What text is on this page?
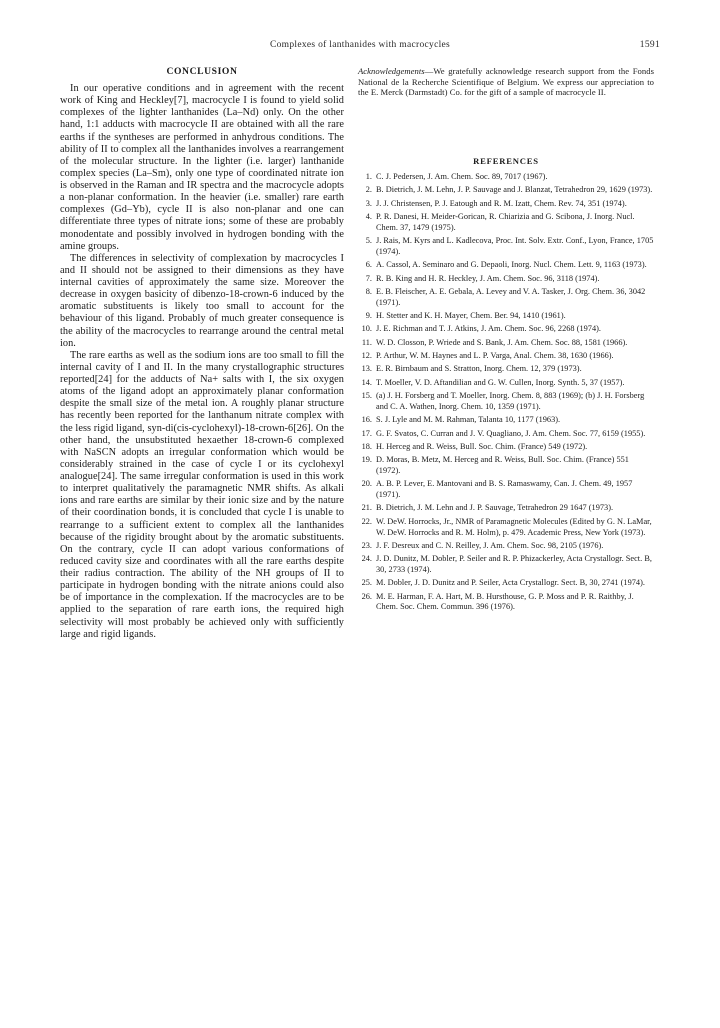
Complexes of lanthanides with macrocycles	1591
CONCLUSION

In our operative conditions and in agreement with the recent work of King and Heckley[7], macrocycle I is found to yield solid complexes of the lighter lanthanides (La–Nd) only. On the other hand, 1:1 adducts with macrocycle II are obtained with all the rare earths if the syntheses are performed in anhydrous conditions. The ability of II to complex all the lanthanides involves a rearrangement of the molecular structure. In the lighter (i.e. larger) lanthanide complex species (La–Sm), only one type of coordinated nitrate ion is observed in the Raman and IR spectra and the macrocycle adopts a non-planar conformation. In the heavier (i.e. smaller) rare earth complexes (Gd–Yb), cycle II is also non-planar and one can differentiate three types of nitrate ions; some of these are probably monodentate and possibly involved in hydrogen bonding with the amine groups.

The differences in selectivity of complexation by macrocycles I and II should not be assigned to their dimensions as they have internal cavities of approximately the same size. Moreover the decrease in oxygen basicity of dibenzo-18-crown-6 induced by the aromatic substituents is likely too small to account for the behaviour of this ligand. Probably of much greater consequence is the ability of the macrocycles to rearrange around the central metal ion.

The rare earths as well as the sodium ions are too small to fill the internal cavity of I and II. In the many crystallographic structures reported[24] for the adducts of Na+ salts with I, the six oxygen atoms of the ligand adopt an approximately planar conformation despite the small size of the metal ion. A roughly planar structure has recently been reported for the lanthanum nitrate complex with the less rigid ligand, syn-di(cis-cyclohexyl)-18-crown-6[26]. On the other hand, the unsubstituted hexaether 18-crown-6 complexed with NaSCN adopts an irregular conformation which would be considerably strained in the case of cycle I or its cyclohexyl analogue[24]. The same irregular conformation is used in this work to interpret qualitatively the paramagnetic NMR shifts. As alkali ions and rare earths are similar by their ionic size and by the nature of their coordination bonds, it is concluded that cycle I is unable to rearrange to a sufficient extent to complex all the lanthanides because of the rigidity brought about by the aromatic substituents. On the contrary, cycle II can adopt various conformations of reduced cavity size and coordinates with all the rare earths despite their radius contraction. The ability of the NH groups of II to participate in hydrogen bonding with the nitrate anions could also be of importance in the complexation. If the macrocycles are to be applied to the separation of rare earth ions, the required high selectivity will most probably be achieved only with sufficiently large and rigid ligands.

Acknowledgements—We gratefully acknowledge research support from the Fonds National de la Recherche Scientifique of Belgium. We express our appreciation to the E. Merck (Darmstadt) Co. for the gift of a sample of macrocycle II.

REFERENCES
1. C. J. Pedersen, J. Am. Chem. Soc. 89, 7017 (1967).
2. B. Dietrich, J. M. Lehn, J. P. Sauvage and J. Blanzat, Tetrahedron 29, 1629 (1973).
3. J. J. Christensen, P. J. Eatough and R. M. Izatt, Chem. Rev. 74, 351 (1974).
4. P. R. Danesi, H. Meider-Gorican, R. Chiarizia and G. Scibona, J. Inorg. Nucl. Chem. 37, 1479 (1975).
5. J. Rais, M. Kyrs and L. Kadlecova, Proc. Int. Solv. Extr. Conf., Lyon, France, 1705 (1974).
6. A. Cassol, A. Seminaro and G. Depaoli, Inorg. Nucl. Chem. Lett. 9, 1163 (1973).
7. R. B. King and H. R. Heckley, J. Am. Chem. Soc. 96, 3118 (1974).
8. E. B. Fleischer, A. E. Gebala, A. Levey and V. A. Tasker, J. Org. Chem. 36, 3042 (1971).
9. H. Stetter and K. H. Mayer, Chem. Ber. 94, 1410 (1961).
10. J. E. Richman and T. J. Atkins, J. Am. Chem. Soc. 96, 2268 (1974).
11. W. D. Closson, P. Wriede and S. Bank, J. Am. Chem. Soc. 88, 1581 (1966).
12. P. Arthur, W. M. Haynes and L. P. Varga, Anal. Chem. 38, 1630 (1966).
13. E. R. Birnbaum and S. Stratton, Inorg. Chem. 12, 379 (1973).
14. T. Moeller, V. D. Aftandilian and G. W. Cullen, Inorg. Synth. 5, 37 (1957).
15. (a) J. H. Forsberg and T. Moeller, Inorg. Chem. 8, 883 (1969); (b) J. H. Forsberg and C. A. Wathen, Inorg. Chem. 10, 1359 (1971).
16. S. J. Lyle and M. M. Rahman, Talanta 10, 1177 (1963).
17. G. F. Svatos, C. Curran and J. V. Quagliano, J. Am. Chem. Soc. 77, 6159 (1955).
18. H. Herceg and R. Weiss, Bull. Soc. Chim. (France) 549 (1972).
19. D. Moras, B. Metz, M. Herceg and R. Weiss, Bull. Soc. Chim. (France) 551 (1972).
20. A. B. P. Lever, E. Mantovani and B. S. Ramaswamy, Can. J. Chem. 49, 1957 (1971).
21. B. Dietrich, J. M. Lehn and J. P. Sauvage, Tetrahedron 29 1647 (1973).
22. W. DeW. Horrocks, Jr., NMR of Paramagnetic Molecules (Edited by G. N. LaMar, W. DeW. Horrocks and R. M. Holm), p. 479. Academic Press, New York (1973).
23. J. F. Desreux and C. N. Reilley, J. Am. Chem. Soc. 98, 2105 (1976).
24. J. D. Dunitz, M. Dobler, P. Seiler and R. P. Phizackerley, Acta Crystallogr. Sect. B, 30, 2733 (1974).
25. M. Dobler, J. D. Dunitz and P. Seiler, Acta Crystallogr. Sect. B, 30, 2741 (1974).
26. M. E. Harman, F. A. Hart, M. B. Hursthouse, G. P. Moss and P. R. Raithby, J. Chem. Soc. Chem. Commun. 396 (1976).
